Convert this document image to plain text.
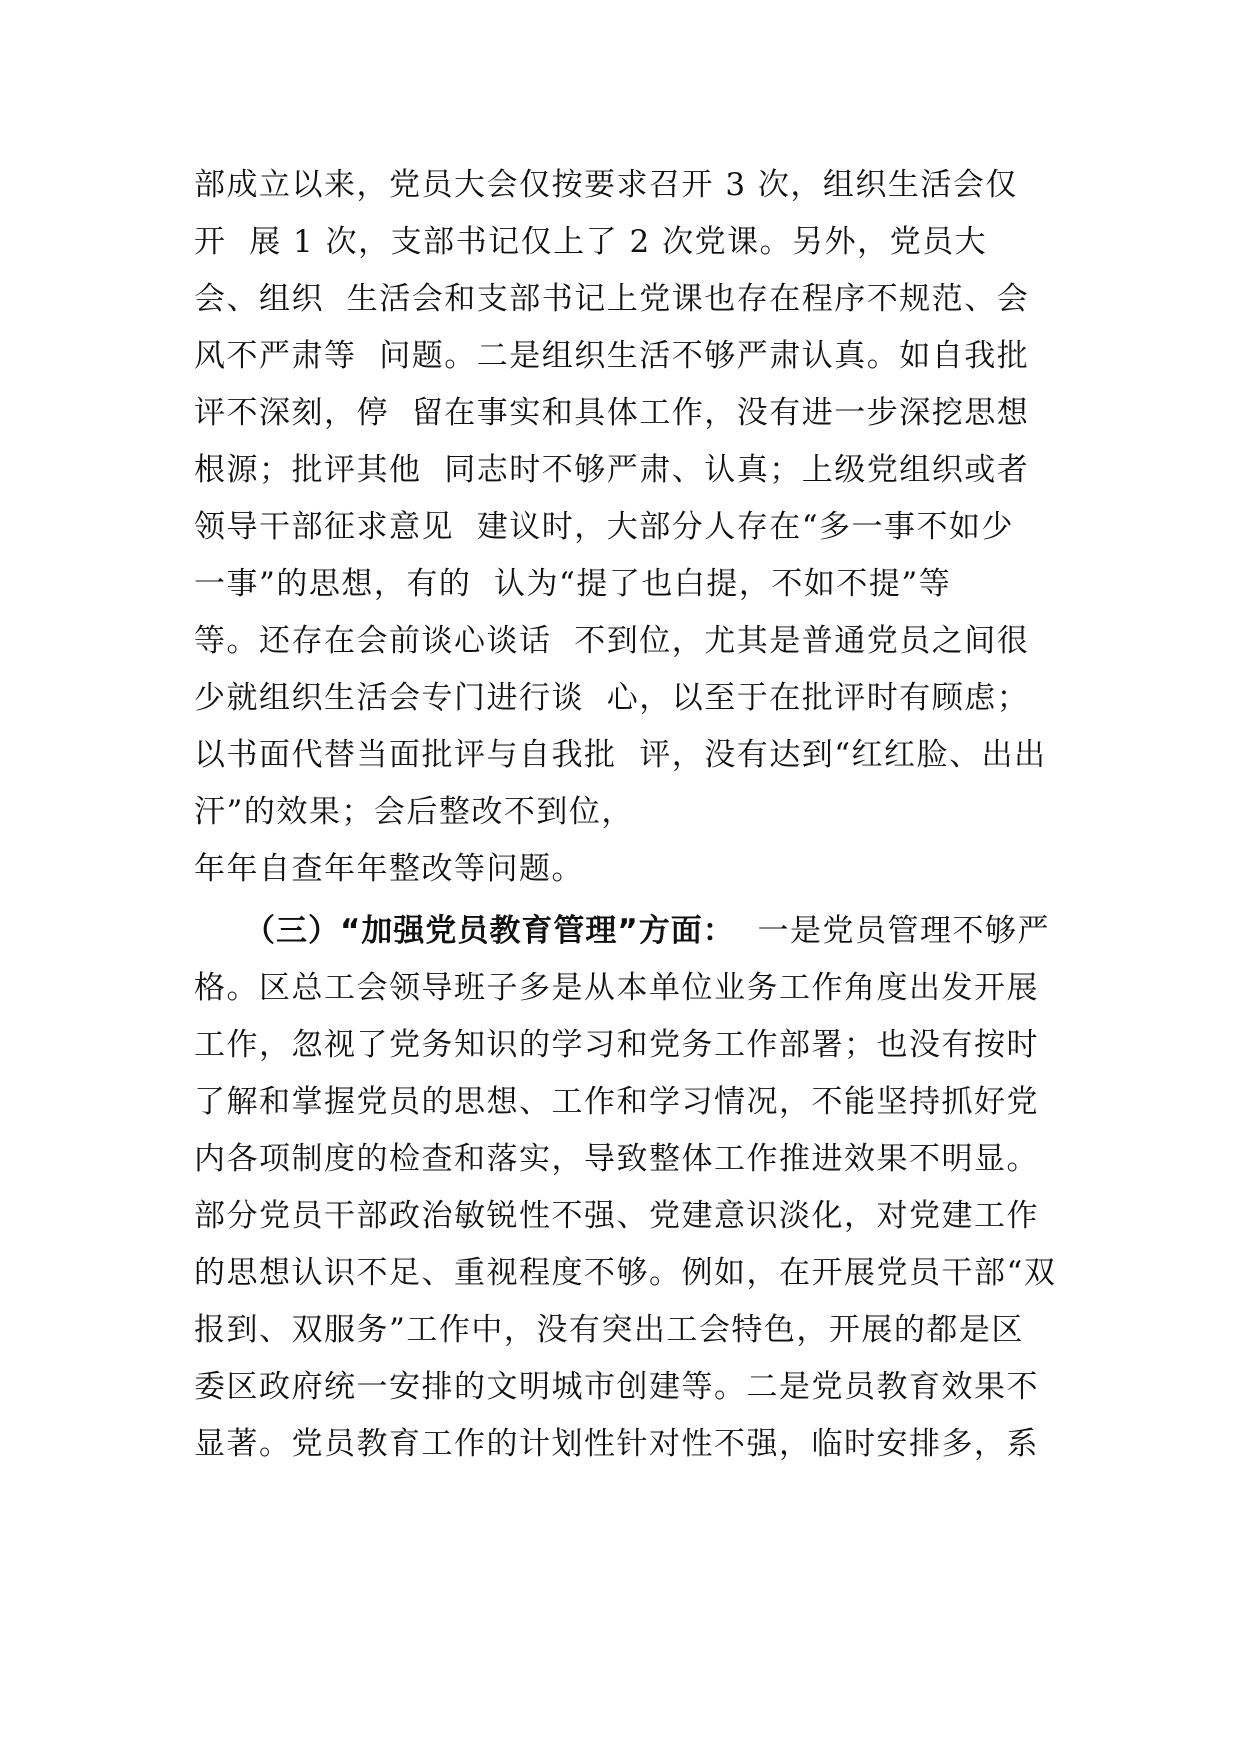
部成立以来，党员大会仅按要求召开 3 次，组织生活会仅
开  展 1 次，支部书记仅上了 2 次党课。另外，党员大
会、组织  生活会和支部书记上党课也存在程序不规范、会
风不严肃等  问题。二是组织生活不够严肃认真。如自我批
评不深刻，停  留在事实和具体工作，没有进一步深挖思想
根源；批评其他  同志时不够严肃、认真；上级党组织或者
领导干部征求意见  建议时，大部分人存在“多一事不如少
一事”的思想，有的  认为“提了也白提，不如不提”等
等。还存在会前谈心谈话  不到位，尤其是普通党员之间很
少就组织生活会专门进行谈  心，以至于在批评时有顾虑；
以书面代替当面批评与自我批  评，没有达到“红红脸、出出
汗”的效果；会后整改不到位，
年年自查年年整改等问题。
（三）“加强党员教育管理”方面：  一是党员管理不够严
格。区总工会领导班子多是从本单位业务工作角度出发开展
工作，忽视了党务知识的学习和党务工作部署；也没有按时
了解和掌握党员的思想、工作和学习情况，不能坚持抓好党
内各项制度的检查和落实，导致整体工作推进效果不明显。
部分党员干部政治敏锐性不强、党建意识淡化，对党建工作
的思想认识不足、重视程度不够。例如，在开展党员干部“双
报到、双服务”工作中，没有突出工会特色，开展的都是区
委区政府统一安排的文明城市创建等。二是党员教育效果不
显著。党员教育工作的计划性针对性不强，临时安排多，系
